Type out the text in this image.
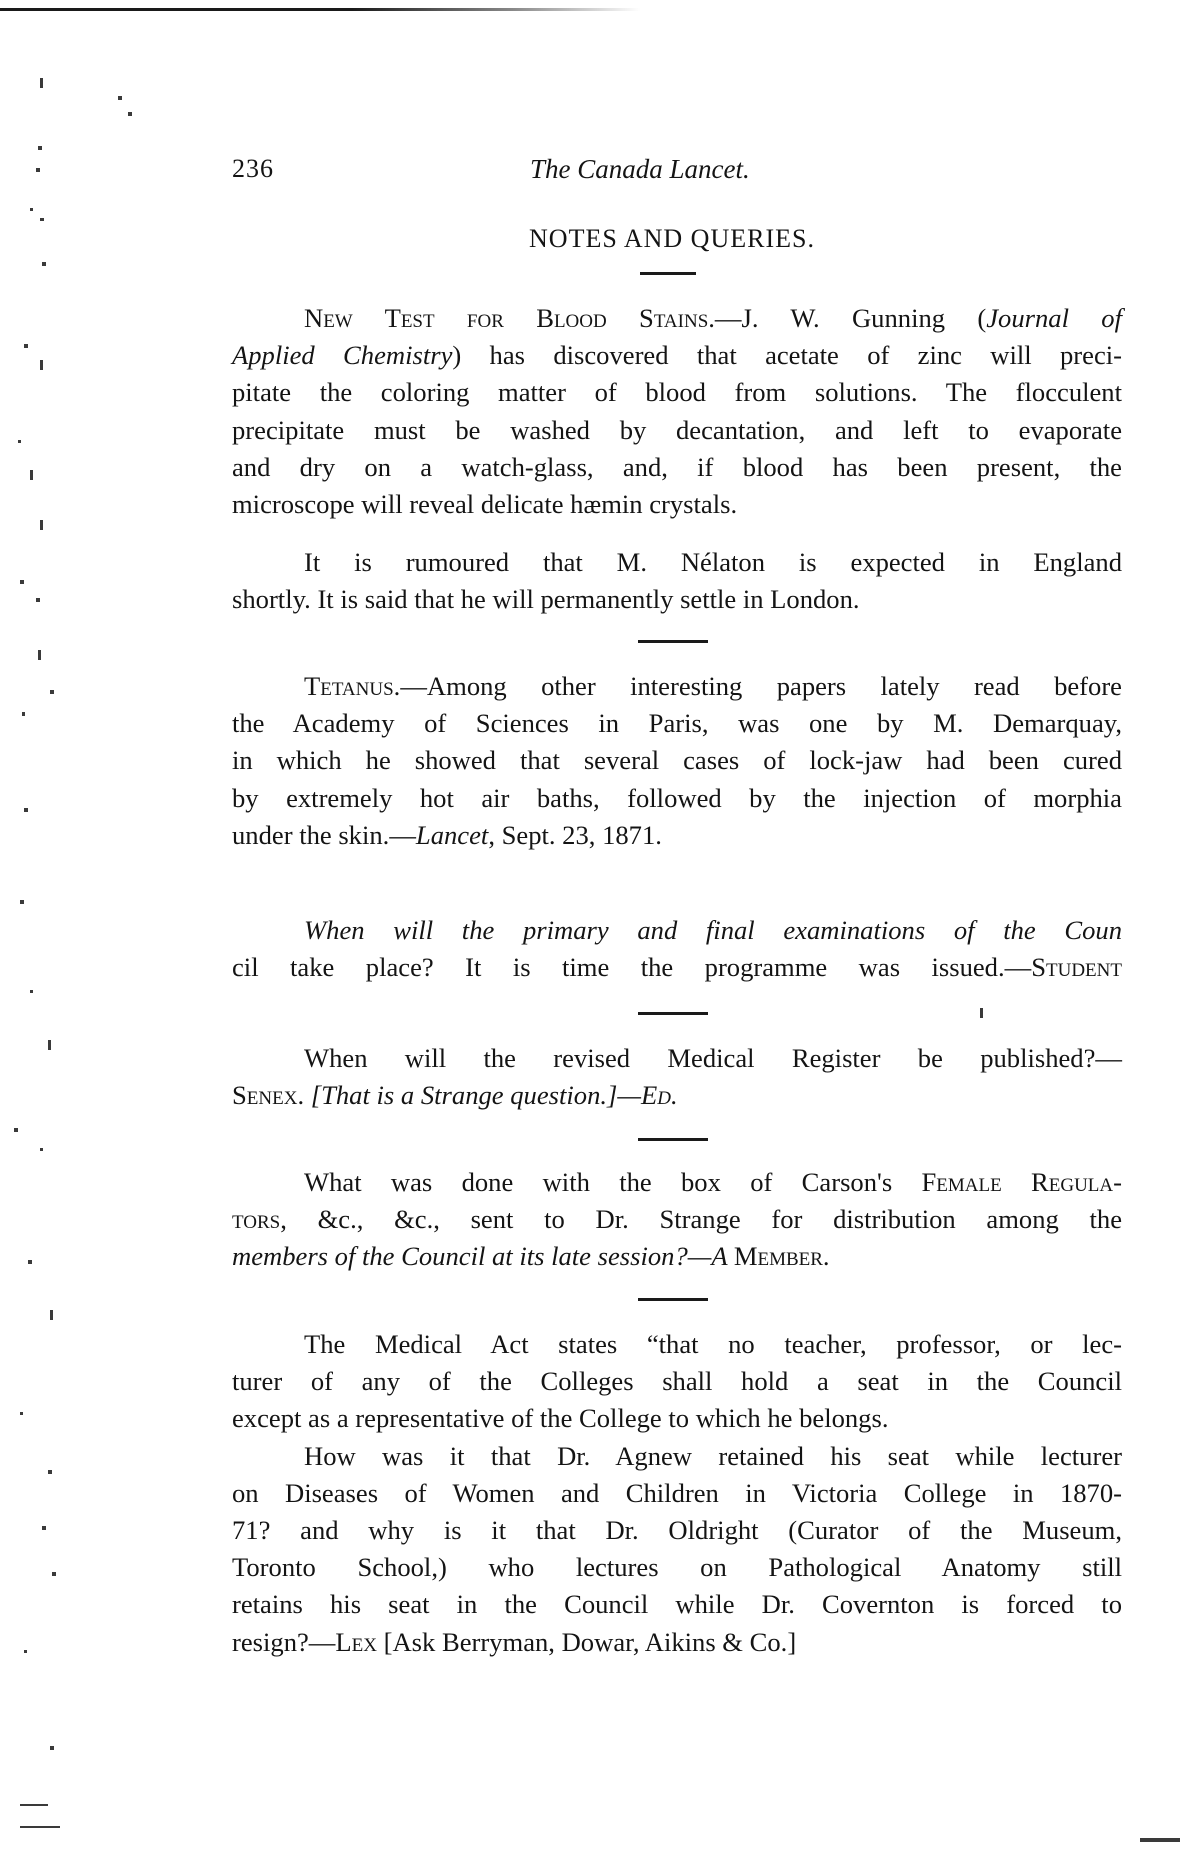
236	The Canada Lancet.
NOTES AND QUERIES.
New Test for Blood Stains.—J. W. Gunning (Journal of
Applied Chemistry) has discovered that acetate of zinc will preci-
pitate the coloring matter of blood from solutions. The flocculent
precipitate must be washed by decantation, and left to evaporate
and dry on a watch-glass, and, if blood has been present, the
microscope will reveal delicate hæmin crystals.
It is rumoured that M. Nélaton is expected in England
shortly. It is said that he will permanently settle in London.
Tetanus.—Among other interesting papers lately read before
the Academy of Sciences in Paris, was one by M. Demarquay,
in which he showed that several cases of lock-jaw had been cured
by extremely hot air baths, followed by the injection of morphia
under the skin.—Lancet, Sept. 23, 1871.
When will the primary and final examinations of the Coun
cil take place? It is time the programme was issued.—Student
When will the revised Medical Register be published?—
Senex. [That is a Strange question.]—Ed.
What was done with the box of Carson's Female Regula-
tors, &c., &c., sent to Dr. Strange for distribution among the
members of the Council at its late session?—A Member.
The Medical Act states “that no teacher, professor, or lec-
turer of any of the Colleges shall hold a seat in the Council
except as a representative of the College to which he belongs.
How was it that Dr. Agnew retained his seat while lecturer
on Diseases of Women and Children in Victoria College in 1870-
71? and why is it that Dr. Oldright (Curator of the Museum,
Toronto School,) who lectures on Pathological Anatomy still
retains his seat in the Council while Dr. Covernton is forced to
resign?—Lex [Ask Berryman, Dowar, Aikins & Co.]
